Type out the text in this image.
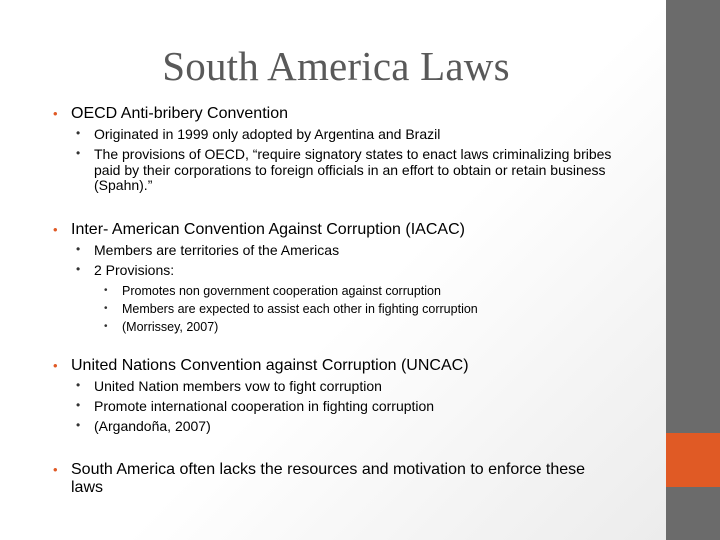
South America Laws
• OECD Anti-bribery Convention
• Originated in 1999 only adopted by Argentina and Brazil
• The provisions of OECD, “require signatory states to enact laws criminalizing bribes paid by their corporations to foreign officials in an effort to obtain or retain business (Spahn).”
• Inter- American Convention Against Corruption (IACAC)
• Members are territories of the Americas
• 2 Provisions:
• Promotes non government cooperation against corruption
• Members are expected to assist each other in fighting corruption
• (Morrissey, 2007)
• United Nations Convention against Corruption (UNCAC)
• United Nation members vow to fight corruption
• Promote international cooperation in fighting corruption
• (Argandoña, 2007)
• South America often lacks the resources and motivation to enforce these laws
